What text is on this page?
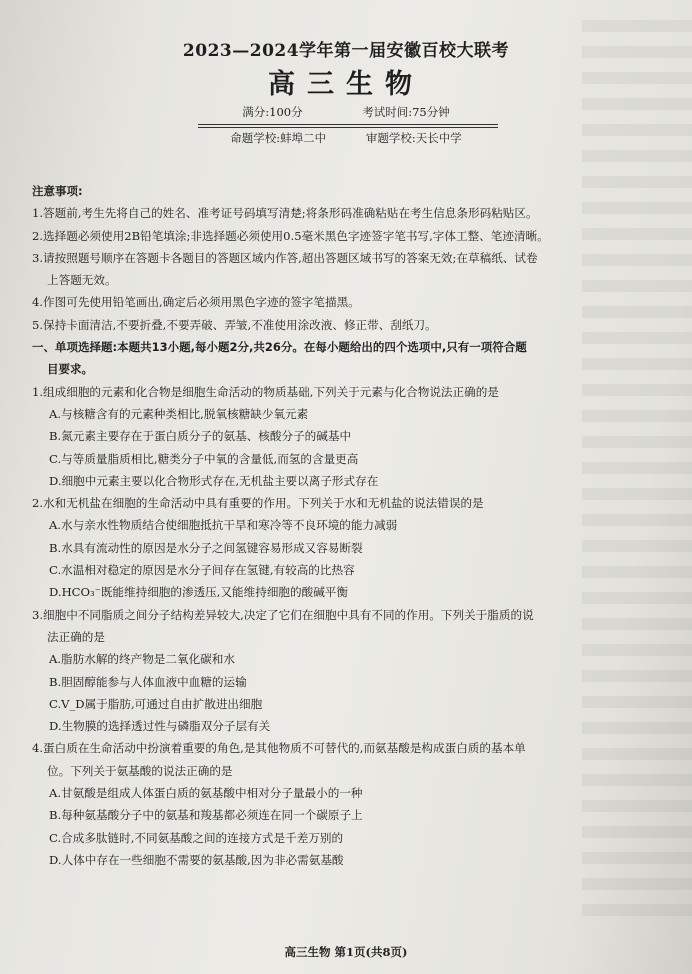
2023—2024学年第一届安徽百校大联考
高三生物
满分:100分	考试时间:75分钟
命题学校:蚌埠二中	审题学校:天长中学

注意事项:

1.答题前,考生先将自己的姓名、准考证号码填写清楚;将条形码准确粘贴在考生信息条形码粘贴区。

2.选择题必须使用2B铅笔填涂;非选择题必须使用0.5毫米黑色字迹签字笔书写,字体工整、笔迹清晰。

3.请按照题号顺序在答题卡各题目的答题区域内作答,超出答题区域书写的答案无效;在草稿纸、试卷

上答题无效。

4.作图可先使用铅笔画出,确定后必须用黑色字迹的签字笔描黑。

5.保持卡面清洁,不要折叠,不要弄破、弄皱,不准使用涂改液、修正带、刮纸刀。

一、单项选择题:本题共13小题,每小题2分,共26分。在每小题给出的四个选项中,只有一项符合题

目要求。

1.组成细胞的元素和化合物是细胞生命活动的物质基础,下列关于元素与化合物说法正确的是

A.与核糖含有的元素种类相比,脱氧核糖缺少氧元素

B.氮元素主要存在于蛋白质分子的氨基、核酸分子的碱基中

C.与等质量脂质相比,糖类分子中氧的含量低,而氢的含量更高

D.细胞中元素主要以化合物形式存在,无机盐主要以离子形式存在

2.水和无机盐在细胞的生命活动中具有重要的作用。下列关于水和无机盐的说法错误的是

A.水与亲水性物质结合使细胞抵抗干旱和寒冷等不良环境的能力减弱

B.水具有流动性的原因是水分子之间氢键容易形成又容易断裂

C.水温相对稳定的原因是水分子间存在氢键,有较高的比热容

D.HCO₃⁻既能维持细胞的渗透压,又能维持细胞的酸碱平衡

3.细胞中不同脂质之间分子结构差异较大,决定了它们在细胞中具有不同的作用。下列关于脂质的说

法正确的是

A.脂肪水解的终产物是二氧化碳和水

B.胆固醇能参与人体血液中血糖的运输

C.V_D属于脂肪,可通过自由扩散进出细胞

D.生物膜的选择透过性与磷脂双分子层有关

4.蛋白质在生命活动中扮演着重要的角色,是其他物质不可替代的,而氨基酸是构成蛋白质的基本单

位。下列关于氨基酸的说法正确的是

A.甘氨酸是组成人体蛋白质的氨基酸中相对分子量最小的一种

B.每种氨基酸分子中的氨基和羧基都必须连在同一个碳原子上

C.合成多肽链时,不同氨基酸之间的连接方式是千差万别的

D.人体中存在一些细胞不需要的氨基酸,因为非必需氨基酸

高三生物 第1页(共8页)
